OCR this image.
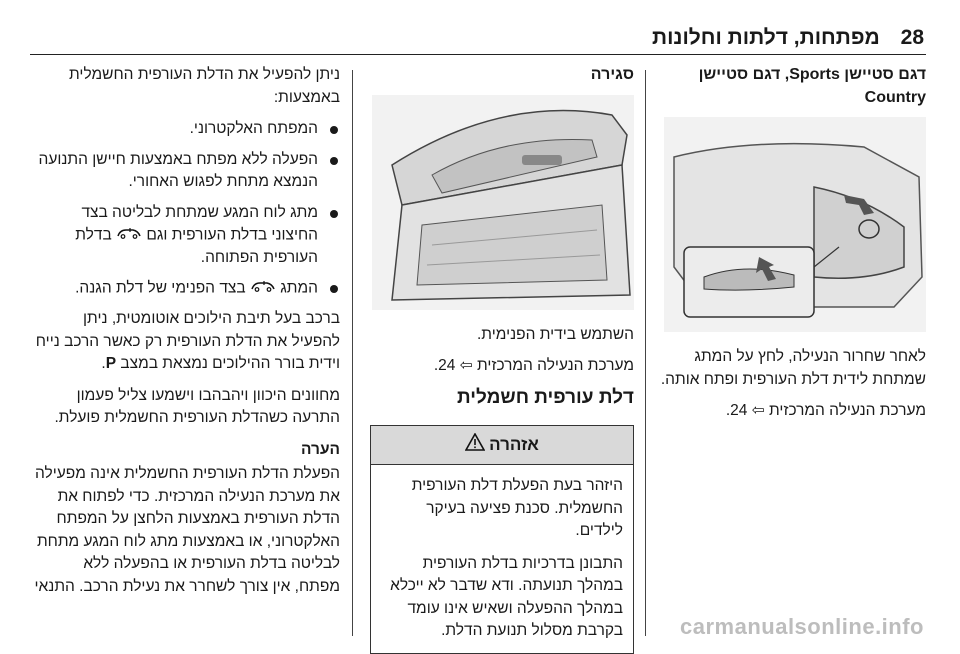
28
מפתחות, דלתות וחלונות
דגם סטיישן Sports, דגם סטיישן Country

לאחר שחרור הנעילה, לחץ על המתג שמתחת לידית דלת העורפית ופתח אותה.

מערכת הנעילה המרכזית ⇦ 24.

סגירה

השתמש בידית הפנימית.

מערכת הנעילה המרכזית ⇦ 24.

דלת עורפית חשמלית
אזהרה

היזהר בעת הפעלת דלת העורפית החשמלית. סכנת פציעה בעיקר לילדים.

התבונן בדרכיות בדלת העורפית במהלך תנועתה. ודא שדבר לא ייכלא במהלך ההפעלה ושאיש אינו עומד בקרבת מסלול תנועת הדלת.

ניתן להפעיל את הדלת העורפית החשמלית באמצעות:

המפתח האלקטרוני.
הפעלה ללא מפתח באמצעות חיישן התנועה הנמצא מתחת לפגוש האחורי.
מתג לוח המגע שמתחת לבליטה בצד החיצוני בדלת העורפית וגם  בדלת העורפית הפתוחה.
המתג  בצד הפנימי של דלת הגנה.

ברכב בעל תיבת הילוכים אוטומטית, ניתן להפעיל את הדלת העורפית רק כאשר הרכב נייח וידית בורר ההילוכים נמצאת במצב P.

מחוונים היכוון ויהבהבו וישמעו צליל פעמון התרעה כשהדלת העורפית החשמלית פועלת.

הערה

הפעלת הדלת העורפית החשמלית אינה מפעילה את מערכת הנעילה המרכזית. כדי לפתוח את הדלת העורפית באמצעות הלחצן על המפתח האלקטרוני, או באמצעות מתג לוח המגע מתחת לבליטה בדלת העורפית או בהפעלה ללא מפתח, אין צורך לשחרר את נעילת הרכב. התנאי

carmanualsonline.info
